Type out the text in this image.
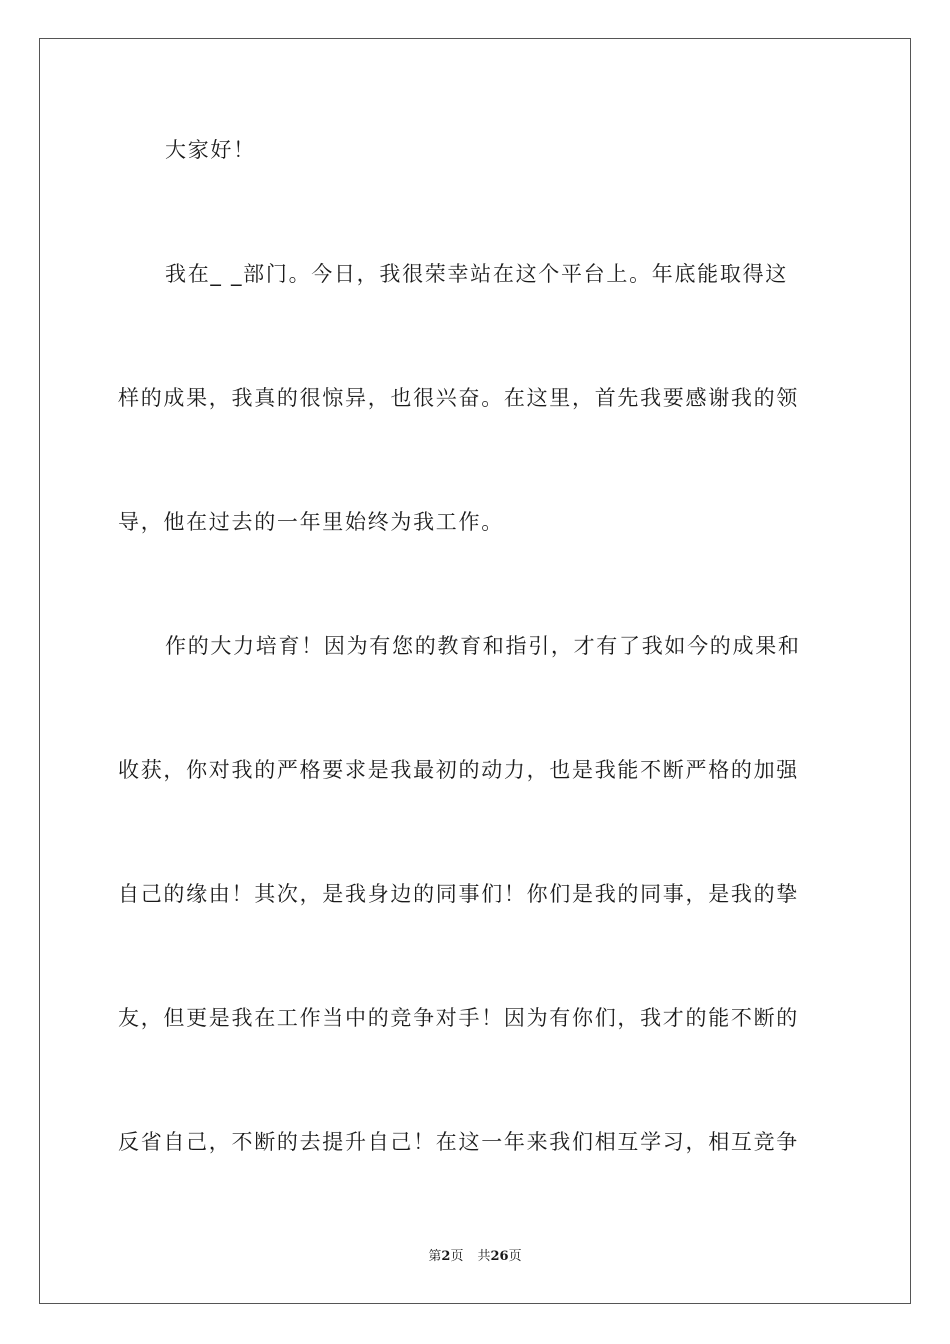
大家好！
我在_ _部门。今日，我很荣幸站在这个平台上。年底能取得这
样的成果，我真的很惊异，也很兴奋。在这里，首先我要感谢我的领
导，他在过去的一年里始终为我工作。
作的大力培育！因为有您的教育和指引，才有了我如今的成果和
收获，你对我的严格要求是我最初的动力，也是我能不断严格的加强
自己的缘由！其次，是我身边的同事们！你们是我的同事，是我的挚
友，但更是我在工作当中的竞争对手！因为有你们，我才的能不断的
反省自己，不断的去提升自己！在这一年来我们相互学习，相互竞争
第2页 共26页
